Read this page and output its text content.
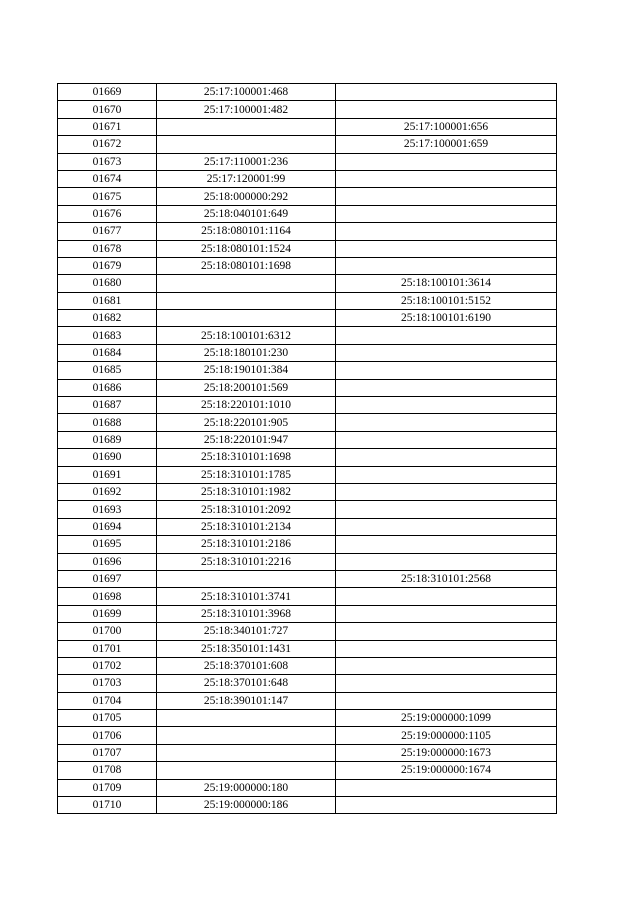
01669	25:17:100001:468	
01670	25:17:100001:482	
01671		25:17:100001:656
01672		25:17:100001:659
01673	25:17:110001:236	
01674	25:17:120001:99	
01675	25:18:000000:292	
01676	25:18:040101:649	
01677	25:18:080101:1164	
01678	25:18:080101:1524	
01679	25:18:080101:1698	
01680		25:18:100101:3614
01681		25:18:100101:5152
01682		25:18:100101:6190
01683	25:18:100101:6312	
01684	25:18:180101:230	
01685	25:18:190101:384	
01686	25:18:200101:569	
01687	25:18:220101:1010	
01688	25:18:220101:905	
01689	25:18:220101:947	
01690	25:18:310101:1698	
01691	25:18:310101:1785	
01692	25:18:310101:1982	
01693	25:18:310101:2092	
01694	25:18:310101:2134	
01695	25:18:310101:2186	
01696	25:18:310101:2216	
01697		25:18:310101:2568
01698	25:18:310101:3741	
01699	25:18:310101:3968	
01700	25:18:340101:727	
01701	25:18:350101:1431	
01702	25:18:370101:608	
01703	25:18:370101:648	
01704	25:18:390101:147	
01705		25:19:000000:1099
01706		25:19:000000:1105
01707		25:19:000000:1673
01708		25:19:000000:1674
01709	25:19:000000:180	
01710	25:19:000000:186	
